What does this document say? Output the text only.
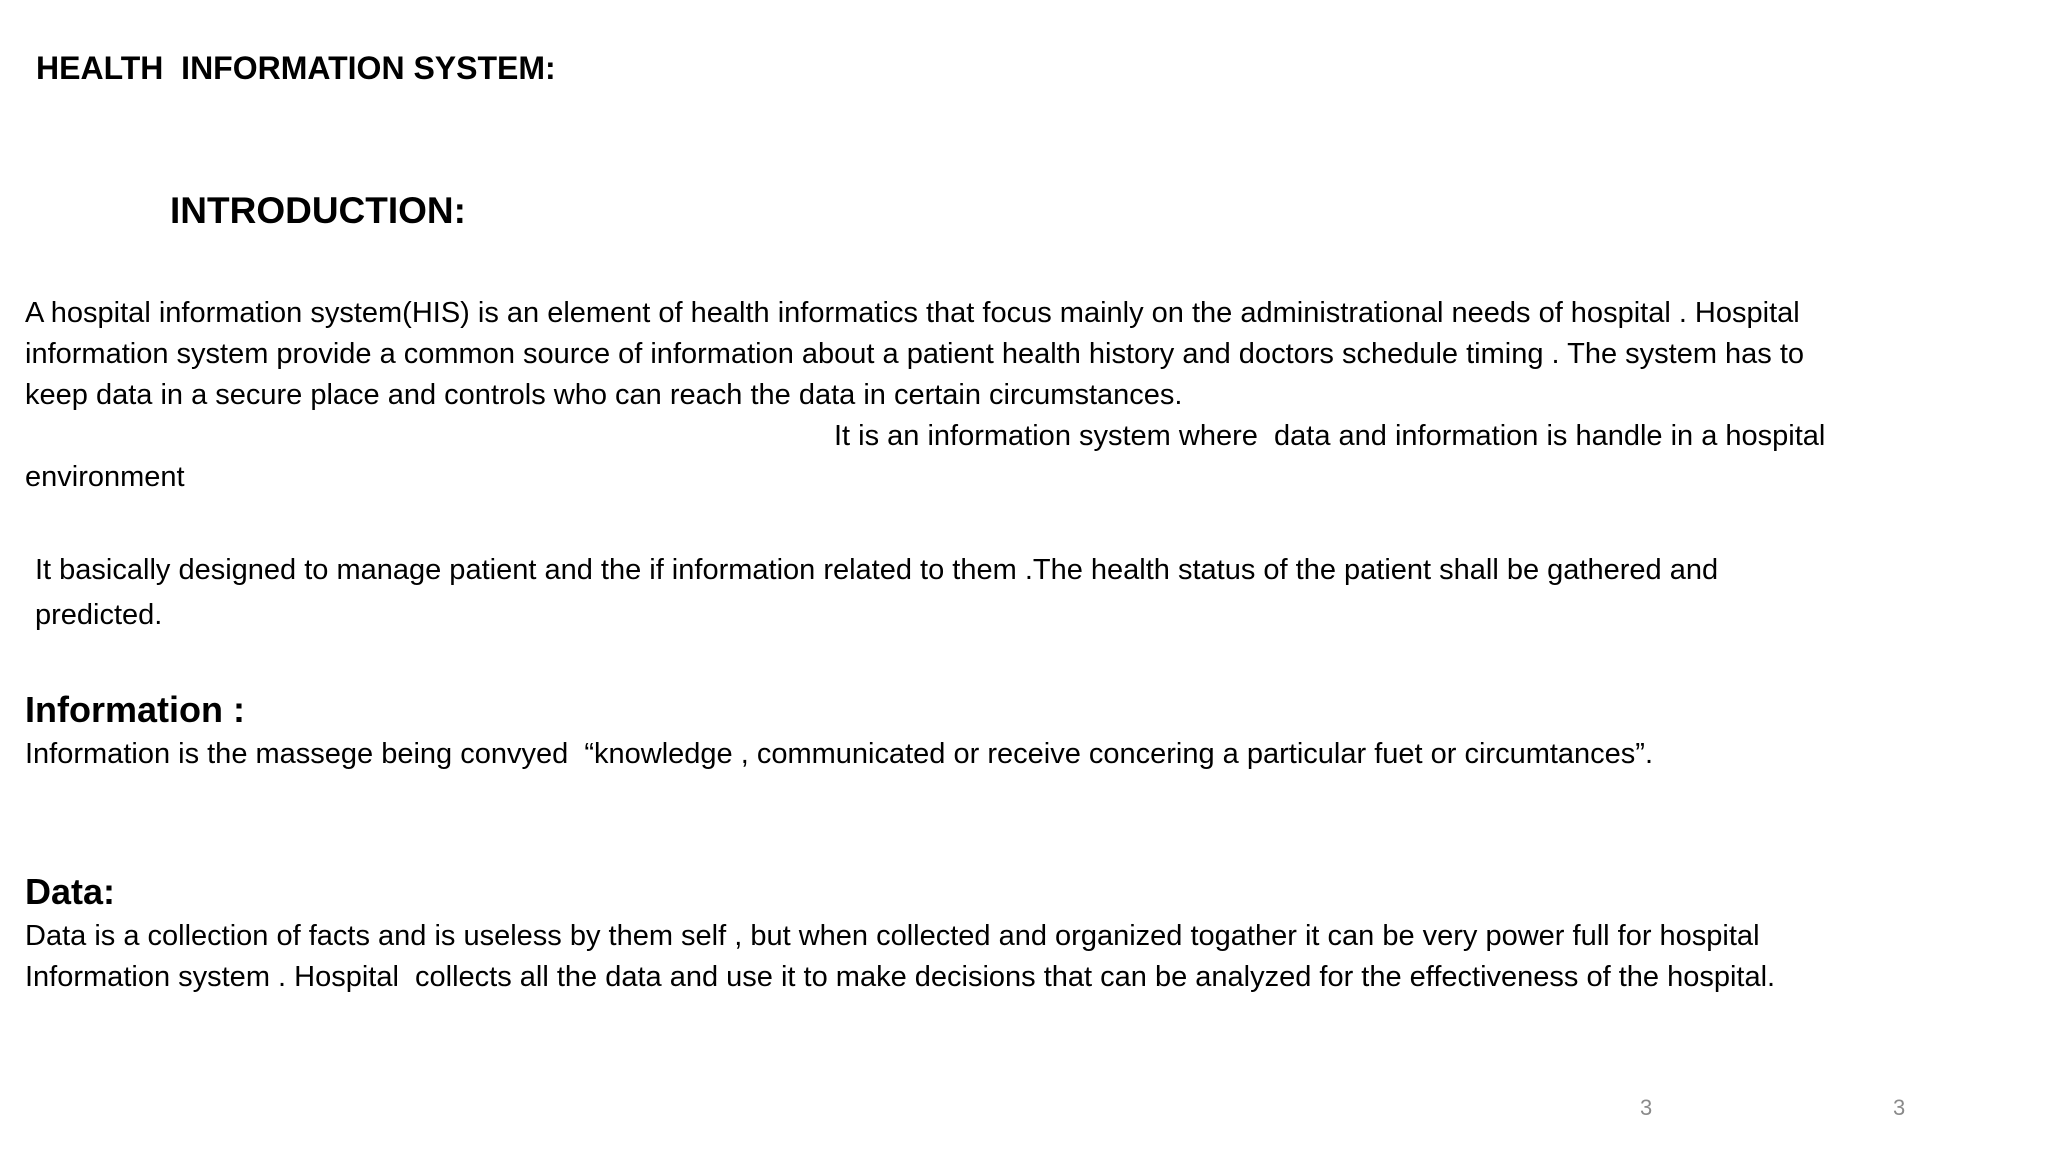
HEALTH  INFORMATION SYSTEM:
INTRODUCTION:

A hospital information system(HIS) is an element of health informatics that focus mainly on the administrational needs of hospital . Hospital

information system provide a common source of information about a patient health history and doctors schedule timing . The system has to

keep data in a secure place and controls who can reach the data in certain circumstances.

It is an information system where  data and information is handle in a hospital

environment

It basically designed to manage patient and the if information related to them .The health status of the patient shall be gathered and

predicted.

Information :

Information is the massege being convyed  “knowledge , communicated or receive concering a particular fuet or circumtances”.

Data:

Data is a collection of facts and is useless by them self , but when collected and organized togather it can be very power full for hospital

Information system . Hospital  collects all the data and use it to make decisions that can be analyzed for the effectiveness of the hospital.

3	3
